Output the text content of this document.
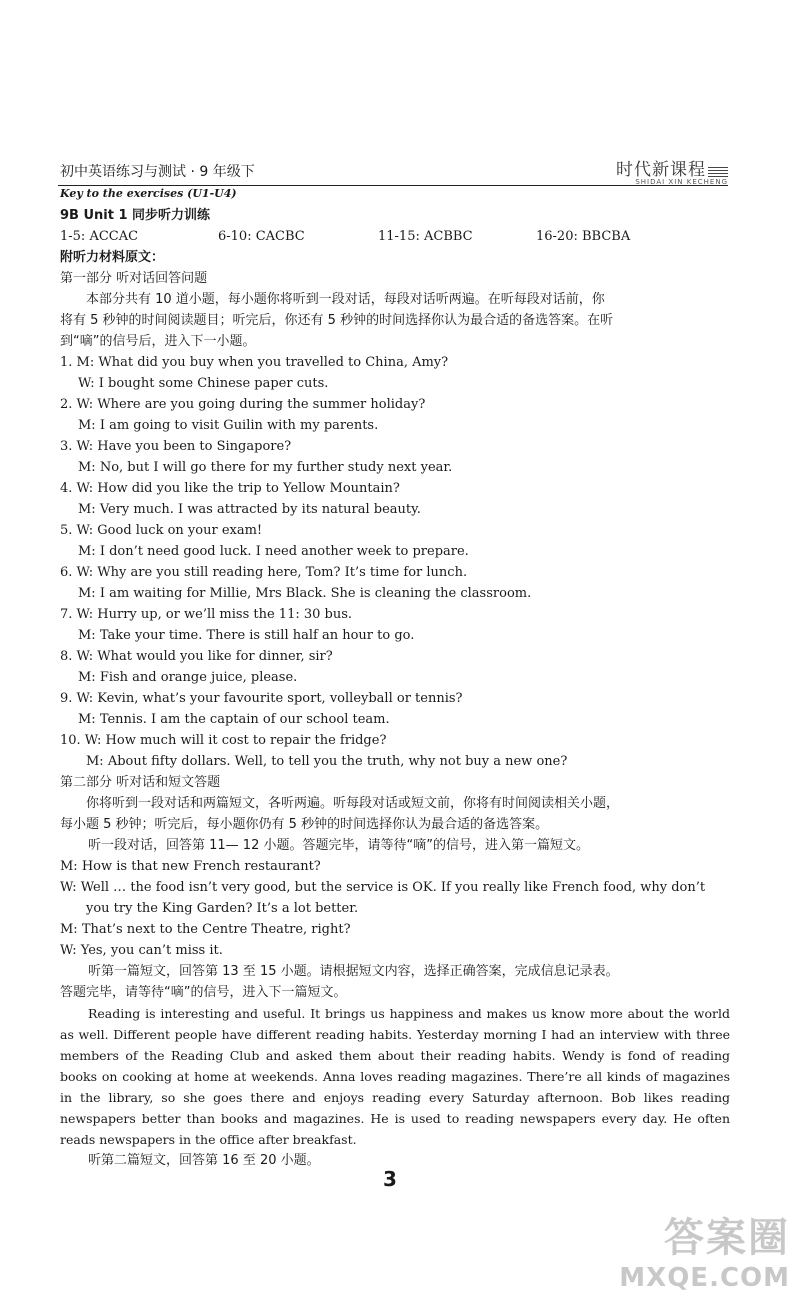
初中英语练习与测试 · 9 年级下	时代新课程
SHIDAI XIN KECHENG
Key to the exercises (U1-U4)
9B Unit 1 同步听力训练
1-5: ACCAC	6-10: CACBC	11-15: ACBBC	16-20: BBCBA
附听力材料原文：
第一部分 听对话回答问题
本部分共有 10 道小题，每小题你将听到一段对话，每段对话听两遍。在听每段对话前，你
将有 5 秒钟的时间阅读题目；听完后，你还有 5 秒钟的时间选择你认为最合适的备选答案。在听
到“嘀”的信号后，进入下一小题。
1. M: What did you buy when you travelled to China, Amy?
W: I bought some Chinese paper cuts.
2. W: Where are you going during the summer holiday?
M: I am going to visit Guilin with my parents.
3. W: Have you been to Singapore?
M: No, but I will go there for my further study next year.
4. W: How did you like the trip to Yellow Mountain?
M: Very much. I was attracted by its natural beauty.
5. W: Good luck on your exam!
M: I don’t need good luck. I need another week to prepare.
6. W: Why are you still reading here, Tom? It’s time for lunch.
M: I am waiting for Millie, Mrs Black. She is cleaning the classroom.
7. W: Hurry up, or we’ll miss the 11: 30 bus.
M: Take your time. There is still half an hour to go.
8. W: What would you like for dinner, sir?
M: Fish and orange juice, please.
9. W: Kevin, what’s your favourite sport, volleyball or tennis?
M: Tennis. I am the captain of our school team.
10. W: How much will it cost to repair the fridge?
M: About fifty dollars. Well, to tell you the truth, why not buy a new one?
第二部分 听对话和短文答题
你将听到一段对话和两篇短文，各听两遍。听每段对话或短文前，你将有时间阅读相关小题，
每小题 5 秒钟；听完后，每小题你仍有 5 秒钟的时间选择你认为最合适的备选答案。
听一段对话，回答第 11— 12 小题。答题完毕，请等待“嘀”的信号，进入第一篇短文。
M: How is that new French restaurant?
W: Well … the food isn’t very good, but the service is OK. If you really like French food, why don’t
you try the King Garden? It’s a lot better.
M: That’s next to the Centre Theatre, right?
W: Yes, you can’t miss it.
听第一篇短文，回答第 13 至 15 小题。请根据短文内容，选择正确答案，完成信息记录表。
答题完毕，请等待“嘀”的信号，进入下一篇短文。
Reading is interesting and useful. It brings us happiness and makes us know more about the world
as well. Different people have different reading habits. Yesterday morning I had an interview with three
members of the Reading Club and asked them about their reading habits. Wendy is fond of reading
books on cooking at home at weekends. Anna loves reading magazines. There’re all kinds of magazines
in the library, so she goes there and enjoys reading every Saturday afternoon. Bob likes reading
newspapers better than books and magazines. He is used to reading newspapers every day. He often
reads newspapers in the office after breakfast.
听第二篇短文，回答第 16 至 20 小题。
3
答案圈
MXQE.COM
